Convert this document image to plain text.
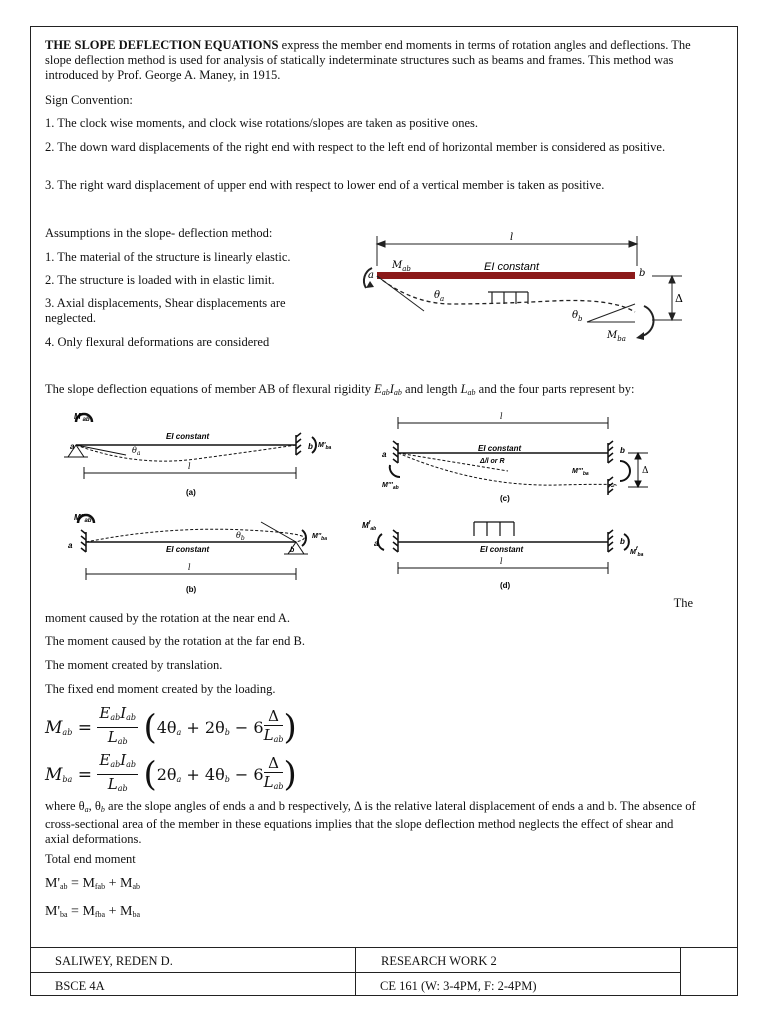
THE SLOPE DEFLECTION EQUATIONS express the member end moments in terms of rotation angles and deflections. The slope deflection method is used for analysis of statically indeterminate structures such as beams and frames. This method was introduced by Prof. George A. Maney, in 1915.

Sign Convention:

1. The clock wise moments, and clock wise rotations/slopes are taken as positive ones.

2. The down ward displacements of the right end with respect to the left end of horizontal member is considered as positive.

3. The right ward displacement of upper end with respect to lower end of a vertical member is taken as positive.

Assumptions in the slope- deflection method:

1. The material of the structure is linearly elastic.

2. The structure is loaded with in elastic limit.

3. Axial displacements, Shear displacements are neglected.

4. Only flexural deformations are considered

l
EI constant
a	b
$M_{ab}$
$\theta_a$
$\theta_b$
$M_{ba}$
Δ

The slope deflection equations of member AB of flexural rigidity $E_{ab}I_{ab}$ and length $L_{ab}$ and the four parts represent by:

$M'_{ab}$
EI constant
$\theta_a$
a	b $M'_{ba}$
l
(a)
$M''_{ab}$
a	EI constant
$\theta_b$
b
$M''_{ba}$
l
(b)
l
a
EI constant
Δ/l or R
$M'''_{ab}$
b
$M'''_{ba}$	Δ
(c)
$M^f_{ab}$
a
EI constant
b
$M^f_{ba}$
l
(d)

The

moment caused by the rotation at the near end A.

The moment caused by the rotation at the far end B.

The moment created by translation.

The fixed end moment created by the loading.

$M_{ab} = \frac{E_{ab}I_{ab}}{L_{ab}} (4\theta_a + 2\theta_b - 6 \frac{\Delta}{L_{ab}}$ )
$M_{ba} = \frac{E_{ab}I_{ab}}{L_{ab}} (2\theta_a + 4\theta_b - 6 \frac{\Delta}{L_{ab}}$ )

where $\theta_a$, $\theta_b$ are the slope angles of ends a and b respectively, Δ is the relative lateral displacement of ends a and b. The absence of cross-sectional area of the member in these equations implies that the slope deflection method neglects the effect of shear and axial deformations.

Total end moment

$M'_{ab} = M_{fab} + M_{ab}$

$M'_{ba} = M_{fba} + M_{ba}$

SALIWEY, REDEN D.	RESEARCH WORK 2
BSCE 4A	CE 161 (W: 3-4PM, F: 2-4PM)
